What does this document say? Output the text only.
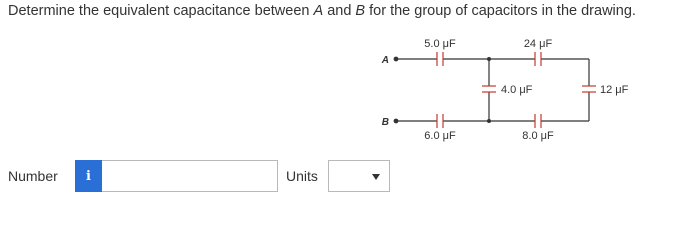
Determine the equivalent capacitance between A and B for the group of capacitors in the drawing.
A
B
5.0 μF	24 μF
4.0 μF	12 μF
6.0 μF	8.0 μF
Number	i	Units
